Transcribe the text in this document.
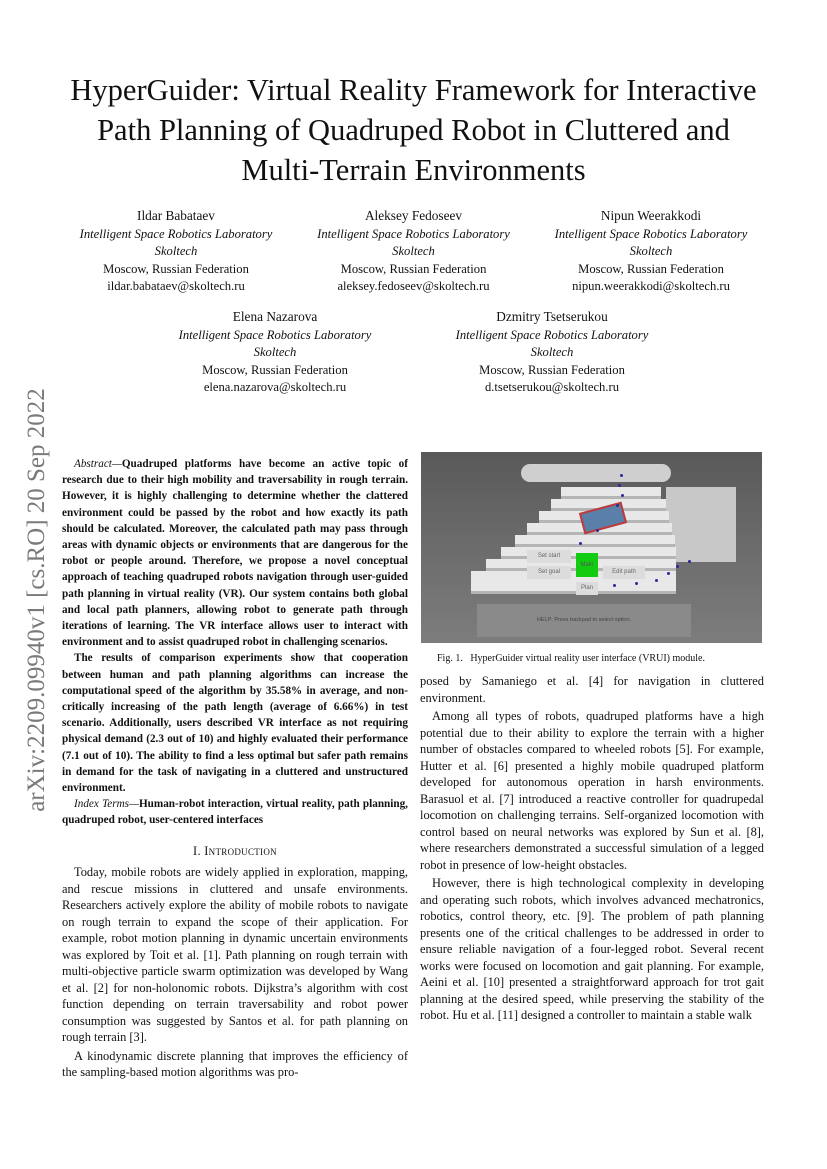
arXiv:2209.09940v1 [cs.RO] 20 Sep 2022
HyperGuider: Virtual Reality Framework for Interactive Path Planning of Quadruped Robot in Cluttered and Multi-Terrain Environments
Ildar Babataev
Intelligent Space Robotics Laboratory
Skoltech
Moscow, Russian Federation
ildar.babataev@skoltech.ru
Aleksey Fedoseev
Intelligent Space Robotics Laboratory
Skoltech
Moscow, Russian Federation
aleksey.fedoseev@skoltech.ru
Nipun Weerakkodi
Intelligent Space Robotics Laboratory
Skoltech
Moscow, Russian Federation
nipun.weerakkodi@skoltech.ru
Elena Nazarova
Intelligent Space Robotics Laboratory
Skoltech
Moscow, Russian Federation
elena.nazarova@skoltech.ru
Dzmitry Tsetserukou
Intelligent Space Robotics Laboratory
Skoltech
Moscow, Russian Federation
d.tsetserukou@skoltech.ru

Abstract—Quadruped platforms have become an active topic of research due to their high mobility and traversability in rough terrain. However, it is highly challenging to determine whether the clattered environment could be passed by the robot and how exactly its path should be calculated. Moreover, the calculated path may pass through areas with dynamic objects or environments that are dangerous for the robot or people around. Therefore, we propose a novel conceptual approach of teaching quadruped robots navigation through user-guided path planning in virtual reality (VR). Our system contains both global and local path planners, allowing robot to generate path through iterations of learning. The VR interface allows user to interact with environment and to assist quadruped robot in challenging scenarios.

The results of comparison experiments show that cooperation between human and path planning algorithms can increase the computational speed of the algorithm by 35.58% in average, and non-critically increasing of the path length (average of 6.66%) in test scenario. Additionally, users described VR interface as not requiring physical demand (2.3 out of 10) and highly evaluated their performance (7.1 out of 10). The ability to find a less optimal but safer path remains in demand for the task of navigating in a cluttered and unstructured environment.

Index Terms—Human-robot interaction, virtual reality, path planning, quadruped robot, user-centered interfaces

I. Introduction

Today, mobile robots are widely applied in exploration, mapping, and rescue missions in cluttered and unsafe environments. Researchers actively explore the ability of mobile robots to navigate on rough terrain to expand the scope of their application. For example, robot motion planning in dynamic uncertain environments was explored by Toit et al. [1]. Path planning on rough terrain with multi-objective particle swarm optimization was developed by Wang et al. [2] for non-holonomic robots. Dijkstra’s algorithm with cost function depending on terrain traversability and robot power consumption was suggested by Santos et al. for path planning on rough terrain [3].

A kinodynamic discrete planning that improves the efficiency of the sampling-based motion algorithms was pro-

Set start
Main
Set goal	Edit path
Plan
HELP: Press trackpad to select option.
Fig. 1.   HyperGuider virtual reality user interface (VRUI) module.

posed by Samaniego et al. [4] for navigation in cluttered environment.

Among all types of robots, quadruped platforms have a high potential due to their ability to explore the terrain with a higher number of obstacles compared to wheeled robots [5]. For example, Hutter et al. [6] presented a highly mobile quadruped platform developed for autonomous operation in harsh environments. Barasuol et al. [7] introduced a reactive controller for quadrupedal locomotion on challenging terrains. Self-organized locomotion with control based on neural networks was explored by Sun et al. [8], where researchers demonstrated a successful simulation of a legged robot in presence of low-height obstacles.

However, there is high technological complexity in developing and operating such robots, which involves advanced mechatronics, robotics, control theory, etc. [9]. The problem of path planning presents one of the critical challenges to be addressed in order to ensure reliable navigation of a four-legged robot. Several recent works were focused on locomotion and gait planning. For example, Aeini et al. [10] presented a straightforward approach for trot gait planning at the desired speed, while preserving the stability of the robot. Hu et al. [11] designed a controller to maintain a stable walk
